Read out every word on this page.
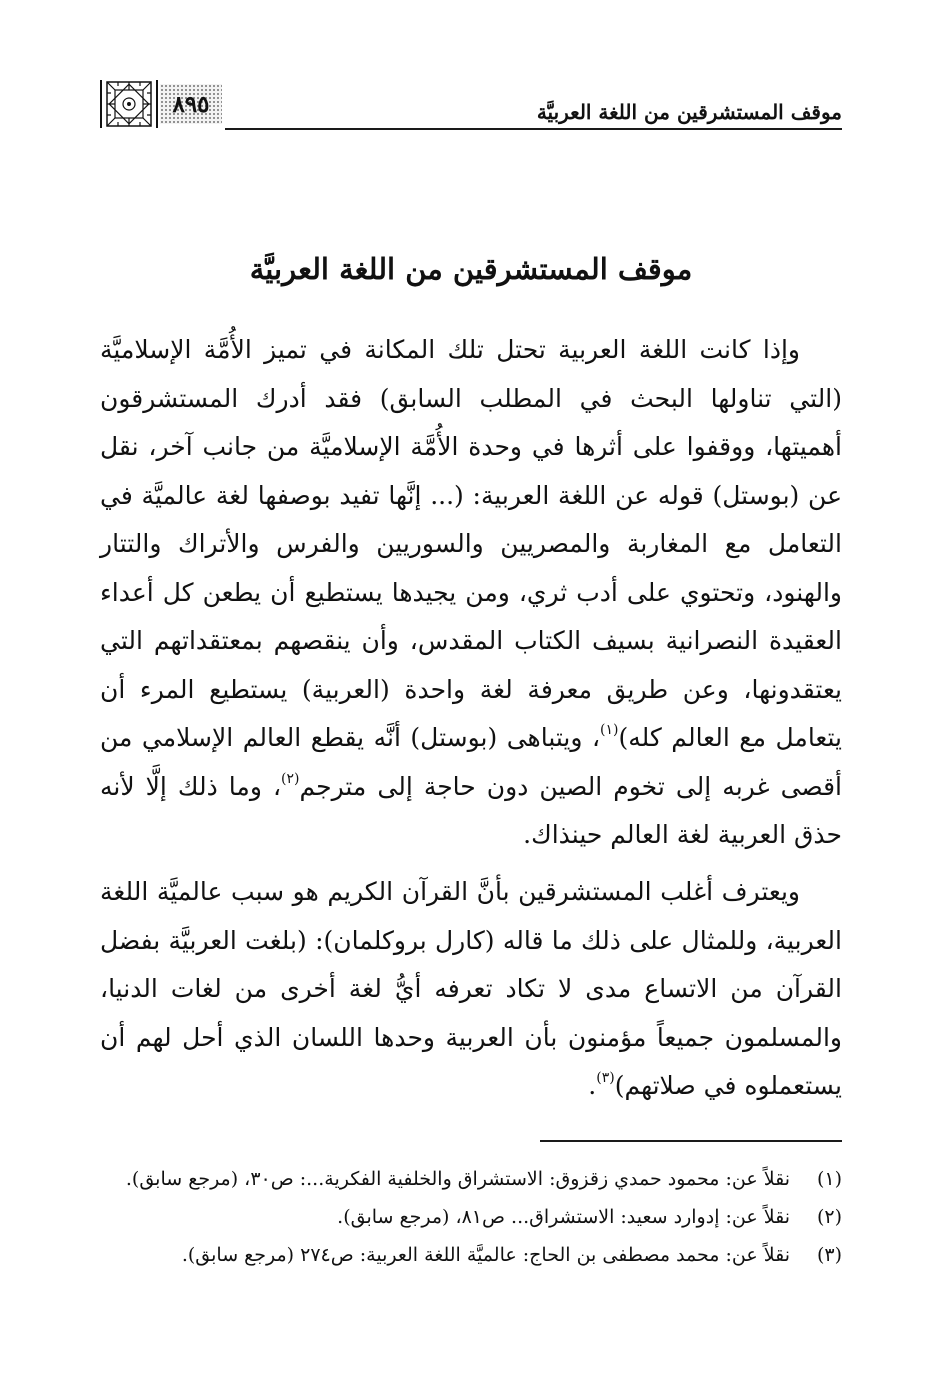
موقف المستشرقين من اللغة العربيَّة
٨٩٥
موقف المستشرقين من اللغة العربيَّة

وإذا كانت اللغة العربية تحتل تلك المكانة في تميز الأُمَّة الإسلاميَّة (التي تناولها البحث في المطلب السابق) فقد أدرك المستشرقون أهميتها، ووقفوا على أثرها في وحدة الأُمَّة الإسلاميَّة من جانب آخر، نقل عن (بوستل) قوله عن اللغة العربية: (... إنَّها تفيد بوصفها لغة عالميَّة في التعامل مع المغاربة والمصريين والسوريين والفرس والأتراك والتتار والهنود، وتحتوي على أدب ثري، ومن يجيدها يستطيع أن يطعن كل أعداء العقيدة النصرانية بسيف الكتاب المقدس، وأن ينقصهم بمعتقداتهم التي يعتقدونها، وعن طريق معرفة لغة واحدة (العربية) يستطيع المرء أن يتعامل مع العالم كله)$^{(١)}$، ويتباهى (بوستل) أنَّه يقطع العالم الإسلامي من أقصى غربه إلى تخوم الصين دون حاجة إلى مترجم$^{(٢)}$، وما ذلك إلَّا لأنه حذق العربية لغة العالم حينذاك.

ويعترف أغلب المستشرقين بأنَّ القرآن الكريم هو سبب عالميَّة اللغة العربية، وللمثال على ذلك ما قاله (كارل بروكلمان): (بلغت العربيَّة بفضل القرآن من الاتساع مدى لا تكاد تعرفه أيُّ لغة أخرى من لغات الدنيا، والمسلمون جميعاً مؤمنون بأن العربية وحدها اللسان الذي أحل لهم أن يستعملوه في صلاتهم)$^{(٣)}$.

(١)
نقلاً عن: محمود حمدي زقزوق: الاستشراق والخلفية الفكرية...: ص٣٠، (مرجع سابق).
(٢)
نقلاً عن: إدوارد سعيد: الاستشراق... ص٨١، (مرجع سابق).
(٣)
نقلاً عن: محمد مصطفى بن الحاج: عالميَّة اللغة العربية: ص٢٧٤ (مرجع سابق).
